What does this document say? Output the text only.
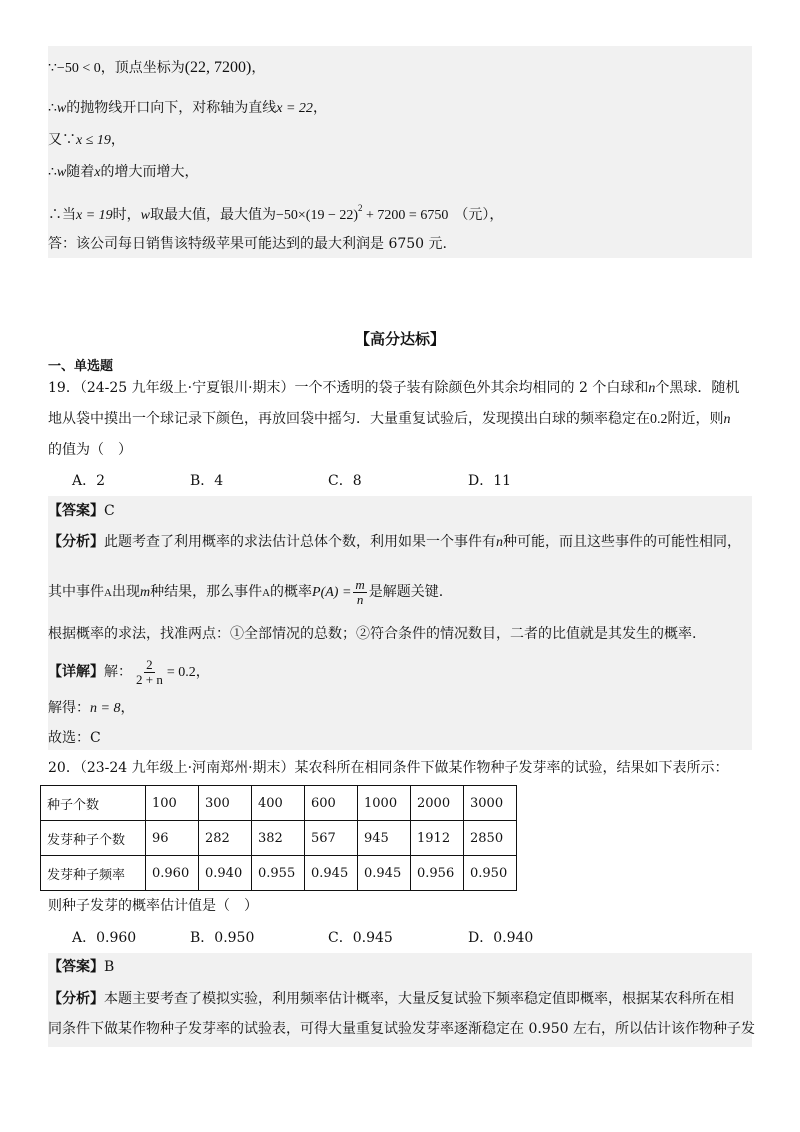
∵−50 < 0，顶点坐标为(22, 7200)，
∴w的抛物线开口向下，对称轴为直线x = 22，
又∵x ≤ 19，
∴w随着x的增大而增大，
∴当x = 19时，w取最大值，最大值为$-50\times(19 - 22)^2 + 7200 = 6750$ （元），
答：该公司每日销售该特级苹果可能达到的最大利润是 6750 元.
【高分达标】
一、单选题
19．（24-25 九年级上·宁夏银川·期末）一个不透明的袋子装有除颜色外其余均相同的 2 个白球和n个黑球．随机
地从袋中摸出一个球记录下颜色，再放回袋中摇匀．大量重复试验后，发现摸出白球的频率稳定在0.2附近，则n
的值为（　）
A．2	B．4	C．8	D．11
【答案】C
【分析】此题考查了利用概率的求法估计总体个数，利用如果一个事件有n种可能，而且这些事件的可能性相同，
其中事件A出现m种结果，那么事件A的概率$P(A) = \frac{m}{n}$ 是解题关键.
根据概率的求法，找准两点：①全部情况的总数；②符合条件的情况数目，二者的比值就是其发生的概率.
【详解】解： $\frac{2}{2 + n} = 0.2$，
解得：n = 8，
故选：C
20．（23-24 九年级上·河南郑州·期末）某农科所在相同条件下做某作物种子发芽率的试验，结果如下表所示：
种子个数	100	300	400	600	1000	2000	3000
发芽种子个数	96	282	382	567	945	1912	2850
发芽种子频率	0.960	0.940	0.955	0.945	0.945	0.956	0.950
则种子发芽的概率估计值是（　）
A．0.960	B．0.950	C．0.945	D．0.940
【答案】B
【分析】本题主要考查了模拟实验，利用频率估计概率，大量反复试验下频率稳定值即概率，根据某农科所在相
同条件下做某作物种子发芽率的试验表，可得大量重复试验发芽率逐渐稳定在 0.950 左右，所以估计该作物种子发
